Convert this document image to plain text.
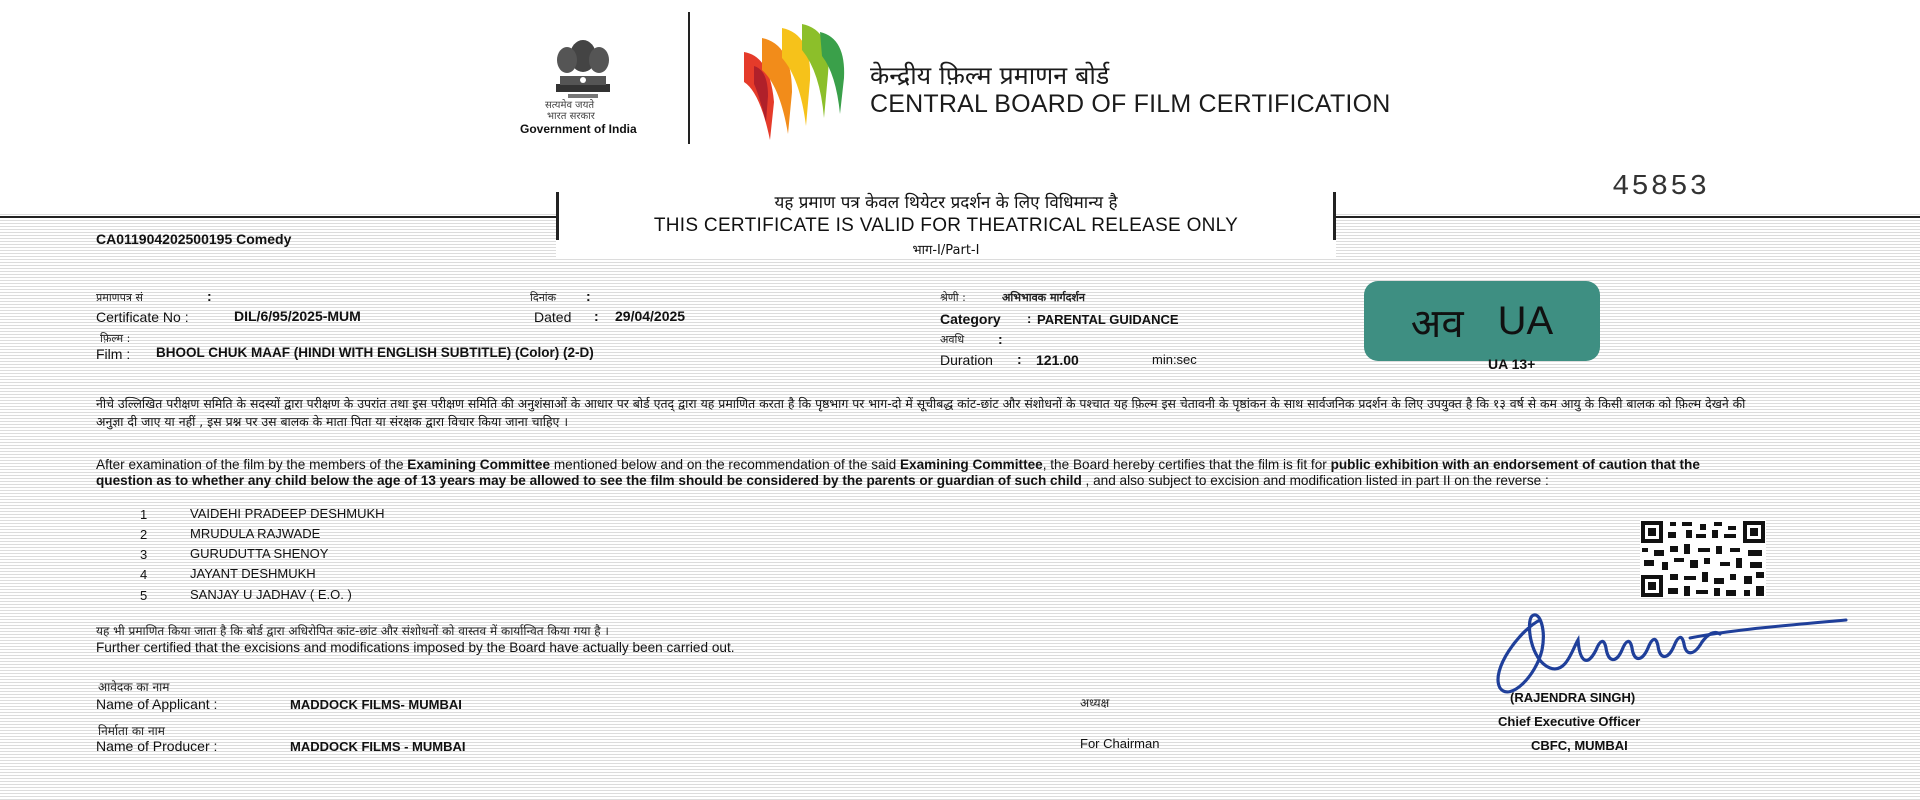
सत्यमेव जयते
भारत सरकार
Government of India
केन्द्रीय फ़िल्म प्रमाणन बोर्ड
CENTRAL BOARD OF FILM CERTIFICATION
45853
यह प्रमाण पत्र केवल थियेटर प्रदर्शन के लिए विधिमान्य है
THIS CERTIFICATE IS VALID FOR THEATRICAL RELEASE ONLY
भाग-I/Part-I
CA011904202500195 Comedy
प्रमाणपत्र सं	:
Certificate No :	DIL/6/95/2025-MUM
दिनांक :
Dated : 29/04/2025
श्रेणी :	अभिभावक मार्गदर्शन
Category : PARENTAL GUIDANCE
फ़िल्म :
Film : BHOOL CHUK MAAF (HINDI WITH ENGLISH SUBTITLE) (Color) (2-D)
अवधि :
Duration : 121.00	min:sec
अव UA
UA 13+
नीचे उल्लिखित परीक्षण समिति के सदस्यों द्वारा परीक्षण के उपरांत तथा इस परीक्षण समिति की अनुशंसाओं के आधार पर बोर्ड एतद् द्वारा यह प्रमाणित करता है कि पृष्ठभाग पर भाग-दो में सूचीबद्ध कांट-छांट और संशोधनों के पश्चात यह फ़िल्म इस चेतावनी के पृष्ठांकन के साथ सार्वजनिक प्रदर्शन के लिए उपयुक्त है कि १३ वर्ष से कम आयु के किसी बालक को फ़िल्म देखने की अनुज्ञा दी जाए या नहीं , इस प्रश्न पर उस बालक के माता पिता या संरक्षक द्वारा विचार किया जाना चाहिए ।
After examination of the film by the members of the Examining Committee mentioned below and on the recommendation of the said Examining Committee, the Board hereby certifies that the film is fit for public exhibition with an endorsement of caution that the question as to whether any child below the age of 13 years may be allowed to see the film should be considered by the parents or guardian of such child , and also subject to excision and modification listed in part II on the reverse :
1	VAIDEHI PRADEEP DESHMUKH
2	MRUDULA RAJWADE
3	GURUDUTTA SHENOY
4	JAYANT DESHMUKH
5	SANJAY U JADHAV ( E.O. )
यह भी प्रमाणित किया जाता है कि बोर्ड द्वारा अधिरोपित कांट-छांट और संशोधनों को वास्तव में कार्यान्वित किया गया है ।
Further certified that the excisions and modifications imposed by the Board have actually been carried out.
आवेदक का नाम
Name of Applicant :	MADDOCK FILMS- MUMBAI
निर्माता का नाम
Name of Producer :	MADDOCK FILMS - MUMBAI
अध्यक्ष
For Chairman
(RAJENDRA SINGH)
Chief Executive Officer
CBFC, MUMBAI
